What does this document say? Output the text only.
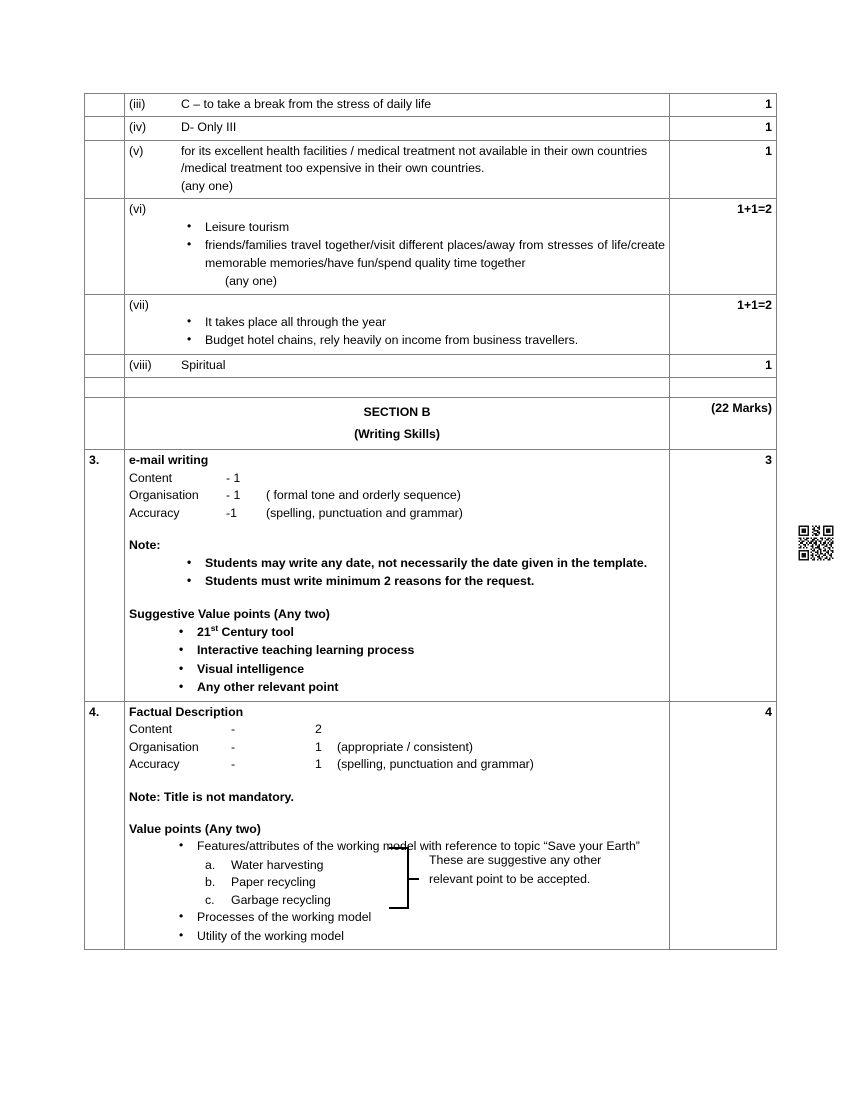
	(iii) C – to take a break from the stress of daily life	1

	(iv) D- Only III	1

	(v) for its excellent health facilities / medical treatment not available in their own countries /medical treatment too expensive in their own countries.
(any one)	1

(vi)
• Leisure tourism
• friends/families travel together/visit different places/away from stresses of life/create memorable memories/have fun/spend quality time together
(any one)
	1+1=2

(vii)
• It takes place all through the year
• Budget hotel chains, rely heavily on income from business travellers.
	1+1=2

	(viii) Spiritual	1

	SECTION B
(Writing Skills)	(22 Marks)
3.	e-mail writing
Content	- 1
Organisation	- 1	( formal tone and orderly sequence)
Accuracy	-1	(spelling, punctuation and grammar)
Note:
• Students may write any date, not necessarily the date given in the template.
• Students must write minimum 2 reasons for the request.
Suggestive Value points (Any two)
• 21st Century tool
• Interactive teaching learning process
• Visual intelligence
• Any other relevant point
	3
4.	Factual Description
Content	-	2
Organisation	-	1	(appropriate / consistent)
Accuracy	-	1	(spelling, punctuation and grammar)
Note: Title is not mandatory.
Value points (Any two)
• Features/attributes of the working model with reference to topic “Save your Earth”
a. Water harvesting
b. Paper recycling
c. Garbage recycling
These are suggestive any other
relevant point to be accepted.
• Processes of the working model
• Utility of the working model
	4
